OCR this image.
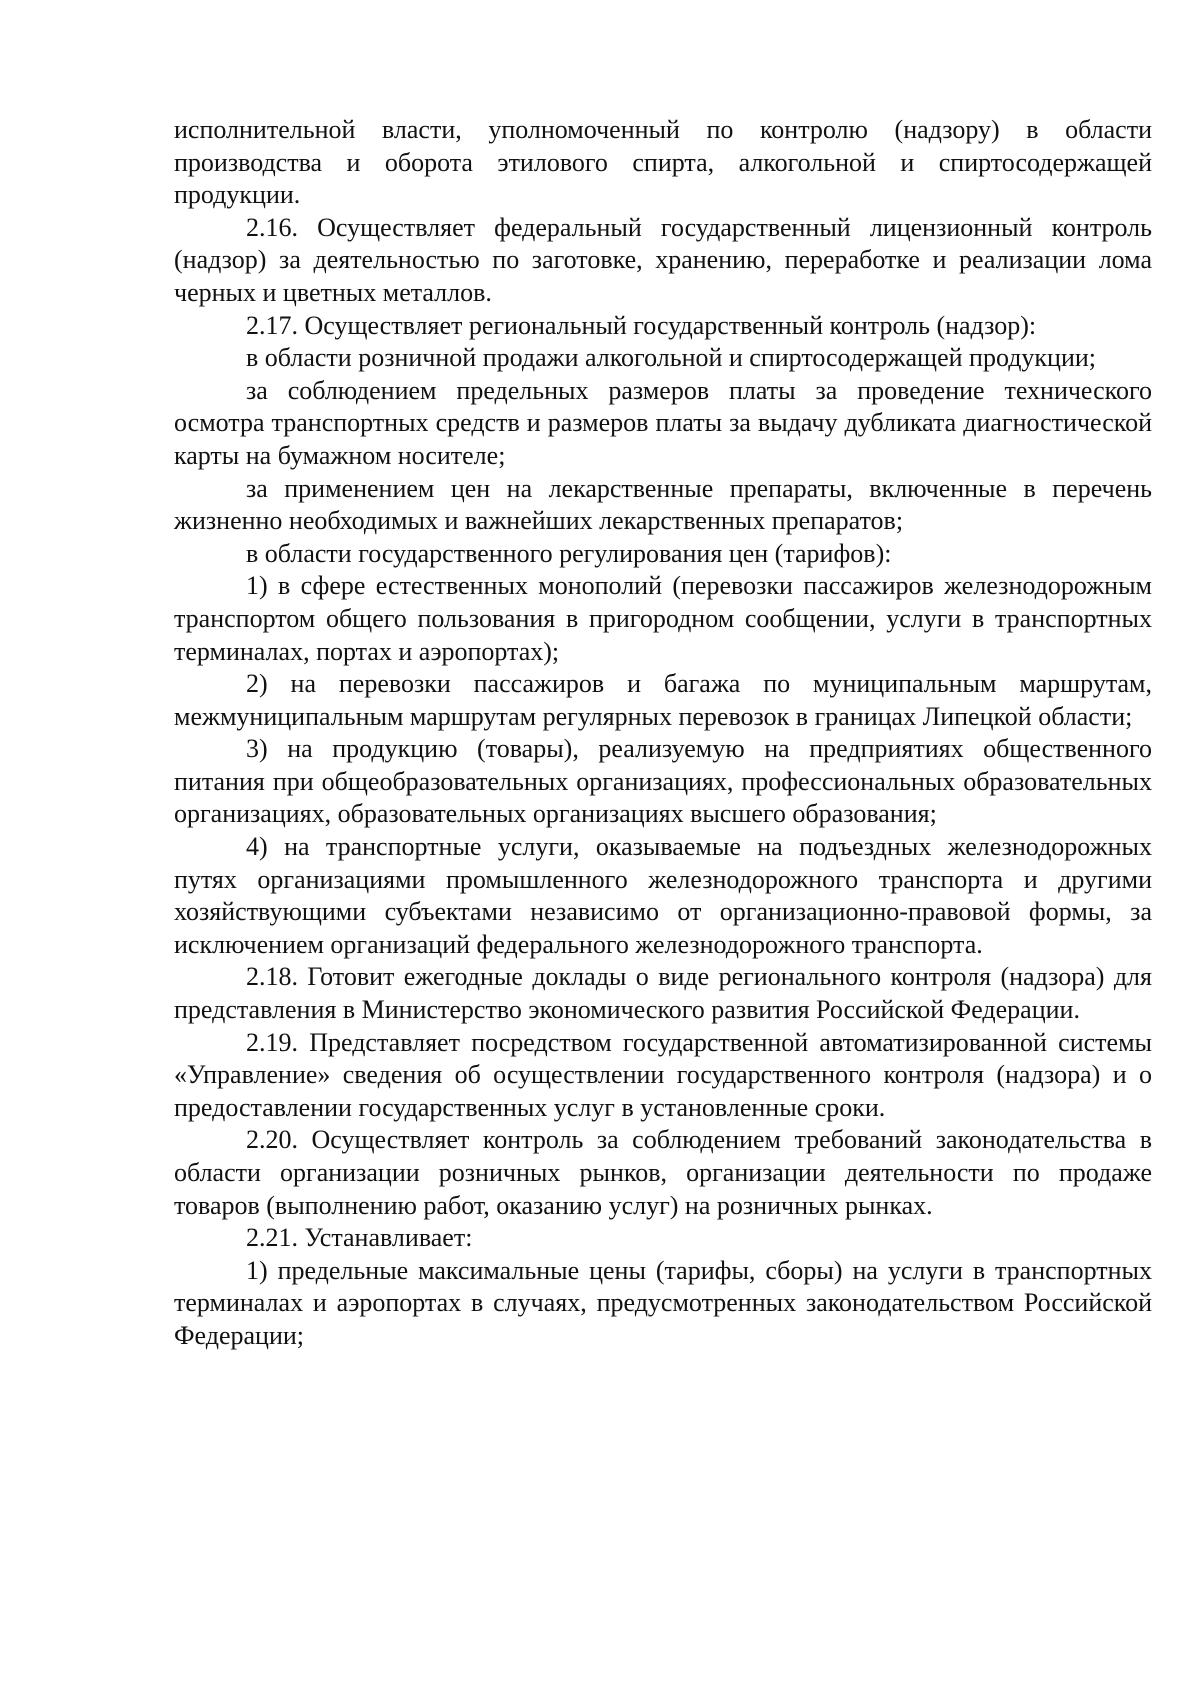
исполнительной власти, уполномоченный по контролю (надзору) в области производства и оборота этилового спирта, алкогольной и спиртосодержащей продукции.

2.16. Осуществляет федеральный государственный лицензионный контроль (надзор) за деятельностью по заготовке, хранению, переработке и реализации лома черных и цветных металлов.

2.17. Осуществляет региональный государственный контроль (надзор):

в области розничной продажи алкогольной и спиртосодержащей продукции;

за соблюдением предельных размеров платы за проведение технического осмотра транспортных средств и размеров платы за выдачу дубликата диагностической карты на бумажном носителе;

за применением цен на лекарственные препараты, включенные в перечень жизненно необходимых и важнейших лекарственных препаратов;

в области государственного регулирования цен (тарифов):

1) в сфере естественных монополий (перевозки пассажиров железнодорожным транспортом общего пользования в пригородном сообщении, услуги в транспортных терминалах, портах и аэропортах);

2) на перевозки пассажиров и багажа по муниципальным маршрутам, межмуниципальным маршрутам регулярных перевозок в границах Липецкой области;

3) на продукцию (товары), реализуемую на предприятиях общественного питания при общеобразовательных организациях, профессиональных образовательных организациях, образовательных организациях высшего образования;

4) на транспортные услуги, оказываемые на подъездных железнодорожных путях организациями промышленного железнодорожного транспорта и другими хозяйствующими субъектами независимо от организационно-правовой формы, за исключением организаций федерального железнодорожного транспорта.

2.18. Готовит ежегодные доклады о виде регионального контроля (надзора) для представления в Министерство экономического развития Российской Федерации.

2.19. Представляет посредством государственной автоматизированной системы «Управление» сведения об осуществлении государственного контроля (надзора) и о предоставлении государственных услуг в установленные сроки.

2.20. Осуществляет контроль за соблюдением требований законодательства в области организации розничных рынков, организации деятельности по продаже товаров (выполнению работ, оказанию услуг) на розничных рынках.

2.21. Устанавливает:

1) предельные максимальные цены (тарифы, сборы) на услуги в транспортных терминалах и аэропортах в случаях, предусмотренных законодательством Российской Федерации;
